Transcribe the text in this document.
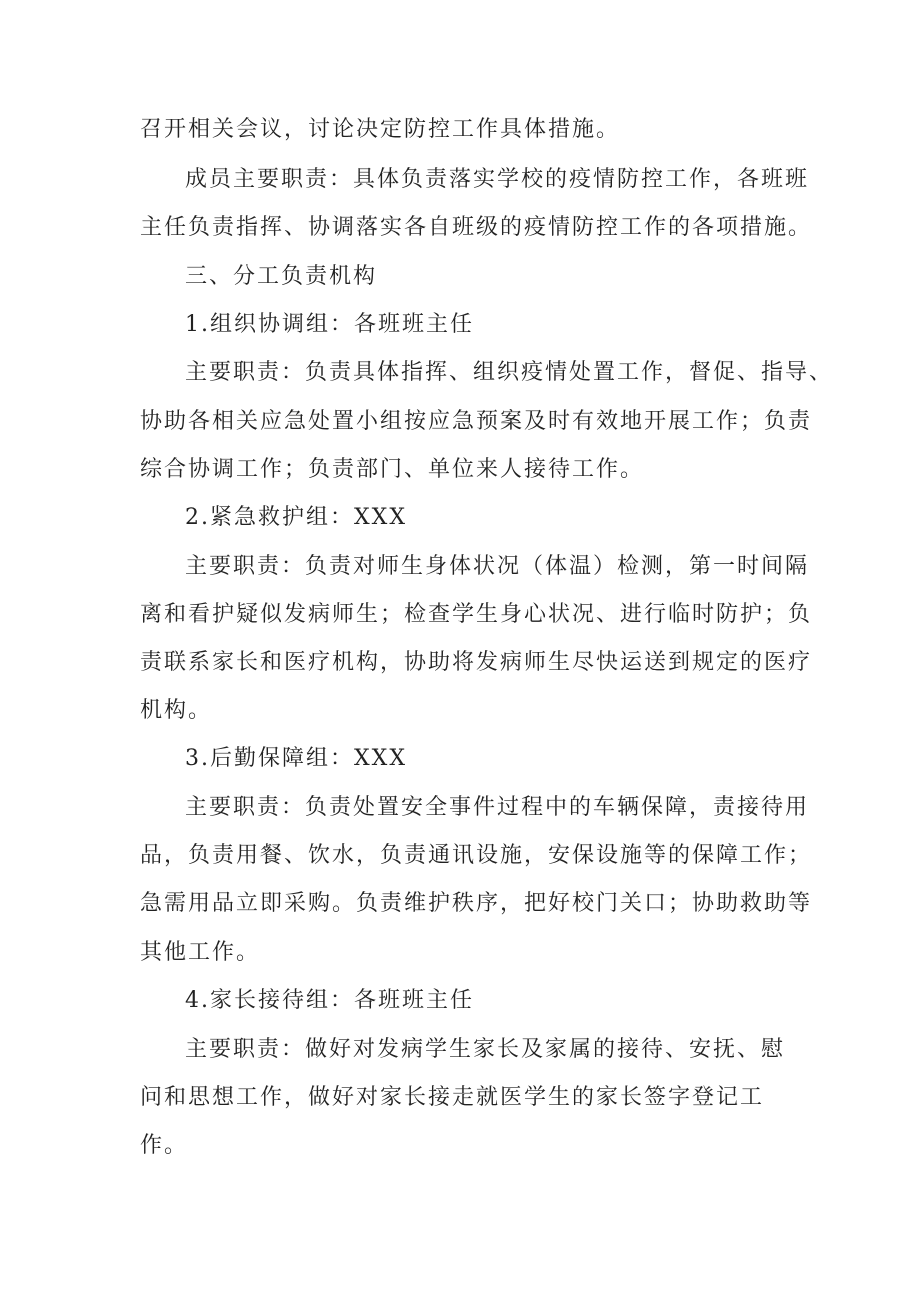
召开相关会议，讨论决定防控工作具体措施。

成员主要职责：具体负责落实学校的疫情防控工作，各班班

主任负责指挥、协调落实各自班级的疫情防控工作的各项措施。

三、分工负责机构

1.组织协调组：各班班主任

主要职责：负责具体指挥、组织疫情处置工作，督促、指导、

协助各相关应急处置小组按应急预案及时有效地开展工作；负责

综合协调工作；负责部门、单位来人接待工作。

2.紧急救护组：XXX

主要职责：负责对师生身体状况（体温）检测，第一时间隔

离和看护疑似发病师生；检查学生身心状况、进行临时防护；负

责联系家长和医疗机构，协助将发病师生尽快运送到规定的医疗

机构。

3.后勤保障组：XXX

主要职责：负责处置安全事件过程中的车辆保障，责接待用

品，负责用餐、饮水，负责通讯设施，安保设施等的保障工作；

急需用品立即采购。负责维护秩序，把好校门关口；协助救助等

其他工作。

4.家长接待组：各班班主任

主要职责：做好对发病学生家长及家属的接待、安抚、慰

问和思想工作，做好对家长接走就医学生的家长签字登记工

作。
